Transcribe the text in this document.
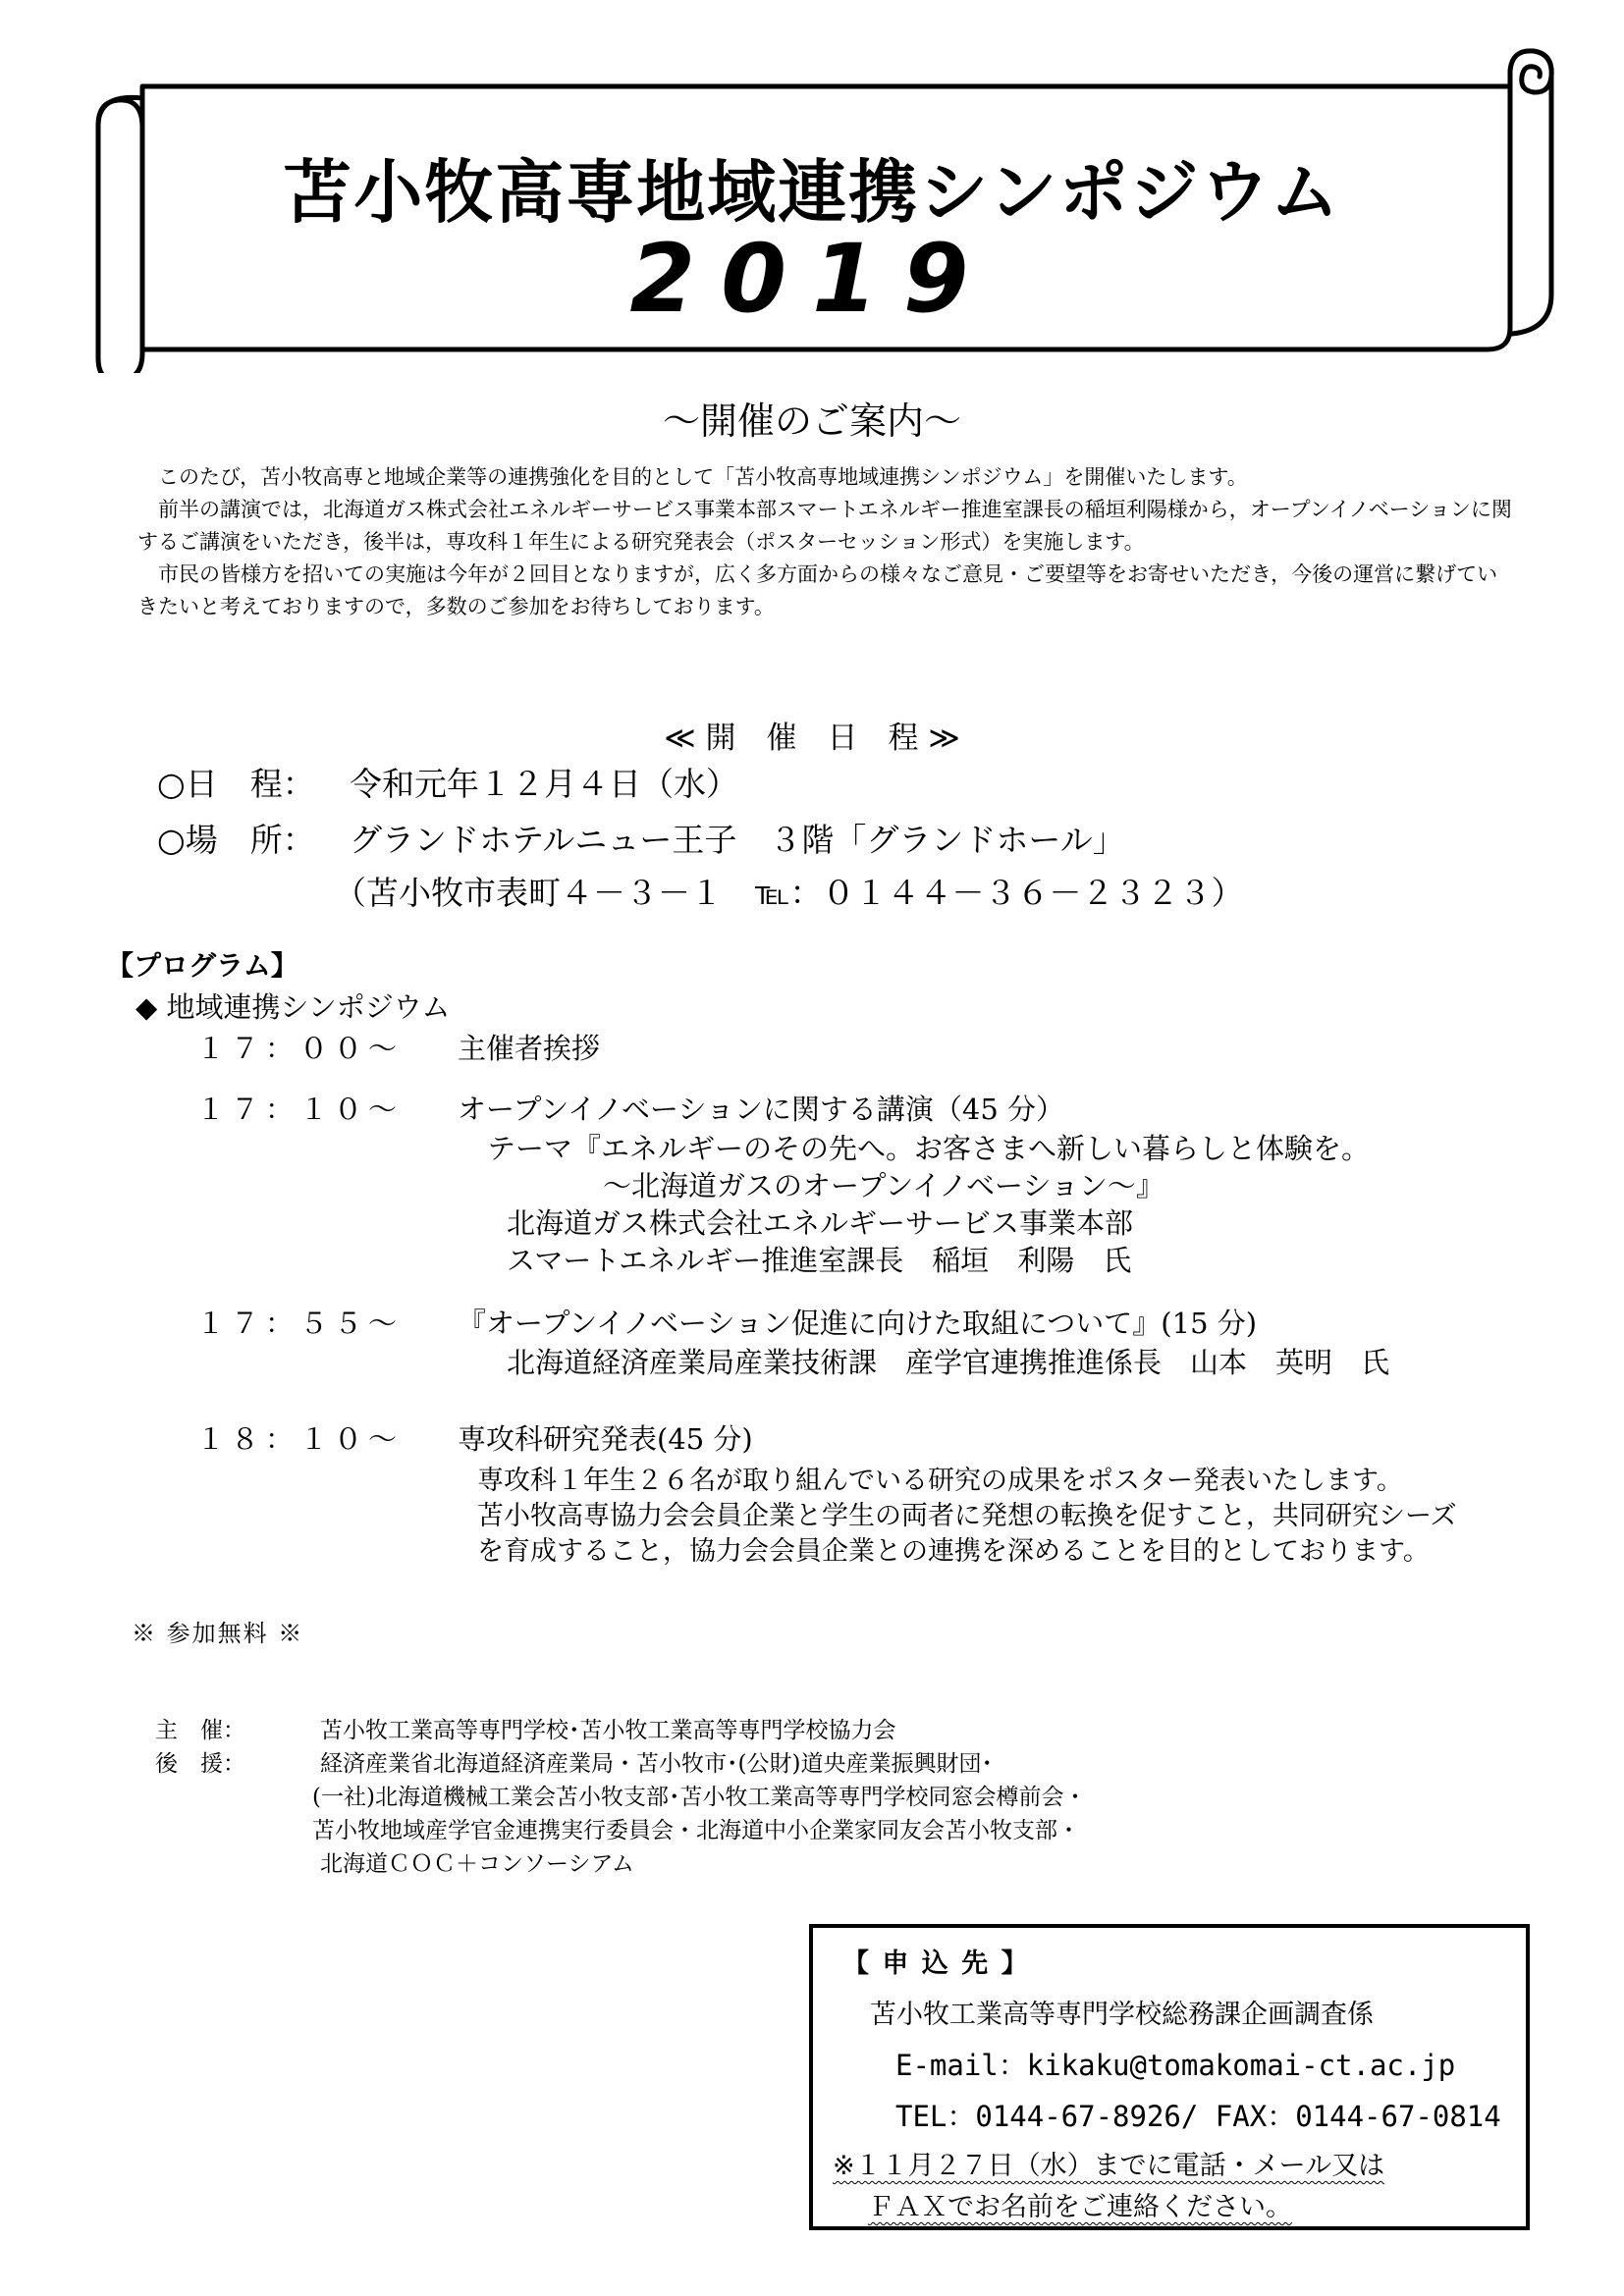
苫小牧高専地域連携シンポジウム
2019
～開催のご案内～

　このたび，苫小牧高専と地域企業等の連携強化を目的として「苫小牧高専地域連携シンポジウム」を開催いたします。

　前半の講演では，北海道ガス株式会社エネルギーサービス事業本部スマートエネルギー推進室課長の稲垣利陽様から，オープンイノベーションに関するご講演をいただき，後半は，専攻科１年生による研究発表会（ポスターセッション形式）を実施します。

　市民の皆様方を招いての実施は今年が２回目となりますが，広く多方面からの様々なご意見・ご要望等をお寄せいただき，今後の運営に繋げていきたいと考えておりますので，多数のご参加をお待ちしております。

≪ 開　催　日　程 ≫
○日　程： 令和元年１２月４日（水）
○場　所： グランドホテルニュー王子　３階「グランドホール」
（苫小牧市表町４－３－１　℡：０１４４－３６－２３２３）
【プログラム】
◆ 地域連携シンポジウム
１７：００～ 主催者挨拶
１７：１０～ オープンイノベーションに関する講演（45 分）
テーマ『エネルギーのその先へ。お客さまへ新しい暮らしと体験を。
～北海道ガスのオープンイノベーション～』
北海道ガス株式会社エネルギーサービス事業本部
スマートエネルギー推進室課長　稲垣　利陽　氏
１７：５５～ 『オープンイノベーション促進に向けた取組について』(15 分)
北海道経済産業局産業技術課　産学官連携推進係長　山本　英明　氏
１８：１０～ 専攻科研究発表(45 分)
専攻科１年生２６名が取り組んでいる研究の成果をポスター発表いたします。
苫小牧高専協力会会員企業と学生の両者に発想の転換を促すこと，共同研究シーズ
を育成すること，協力会会員企業との連携を深めることを目的としております。
※ 参加無料 ※
主　催：	苫小牧工業高等専門学校･苫小牧工業高等専門学校協力会
後　援：	経済産業省北海道経済産業局・苫小牧市･(公財)道央産業振興財団･
(一社)北海道機械工業会苫小牧支部･苫小牧工業高等専門学校同窓会樽前会・
苫小牧地域産学官金連携実行委員会・北海道中小企業家同友会苫小牧支部・
北海道ＣＯＣ＋コンソーシアム
【 申 込 先 】
苫小牧工業高等専門学校総務課企画調査係
E-mail：kikaku@tomakomai-ct.ac.jp
TEL：0144-67-8926/ FAX：0144-67-0814
※１１月２７日（水）までに電話・メール又は
ＦＡＸでお名前をご連絡ください。
